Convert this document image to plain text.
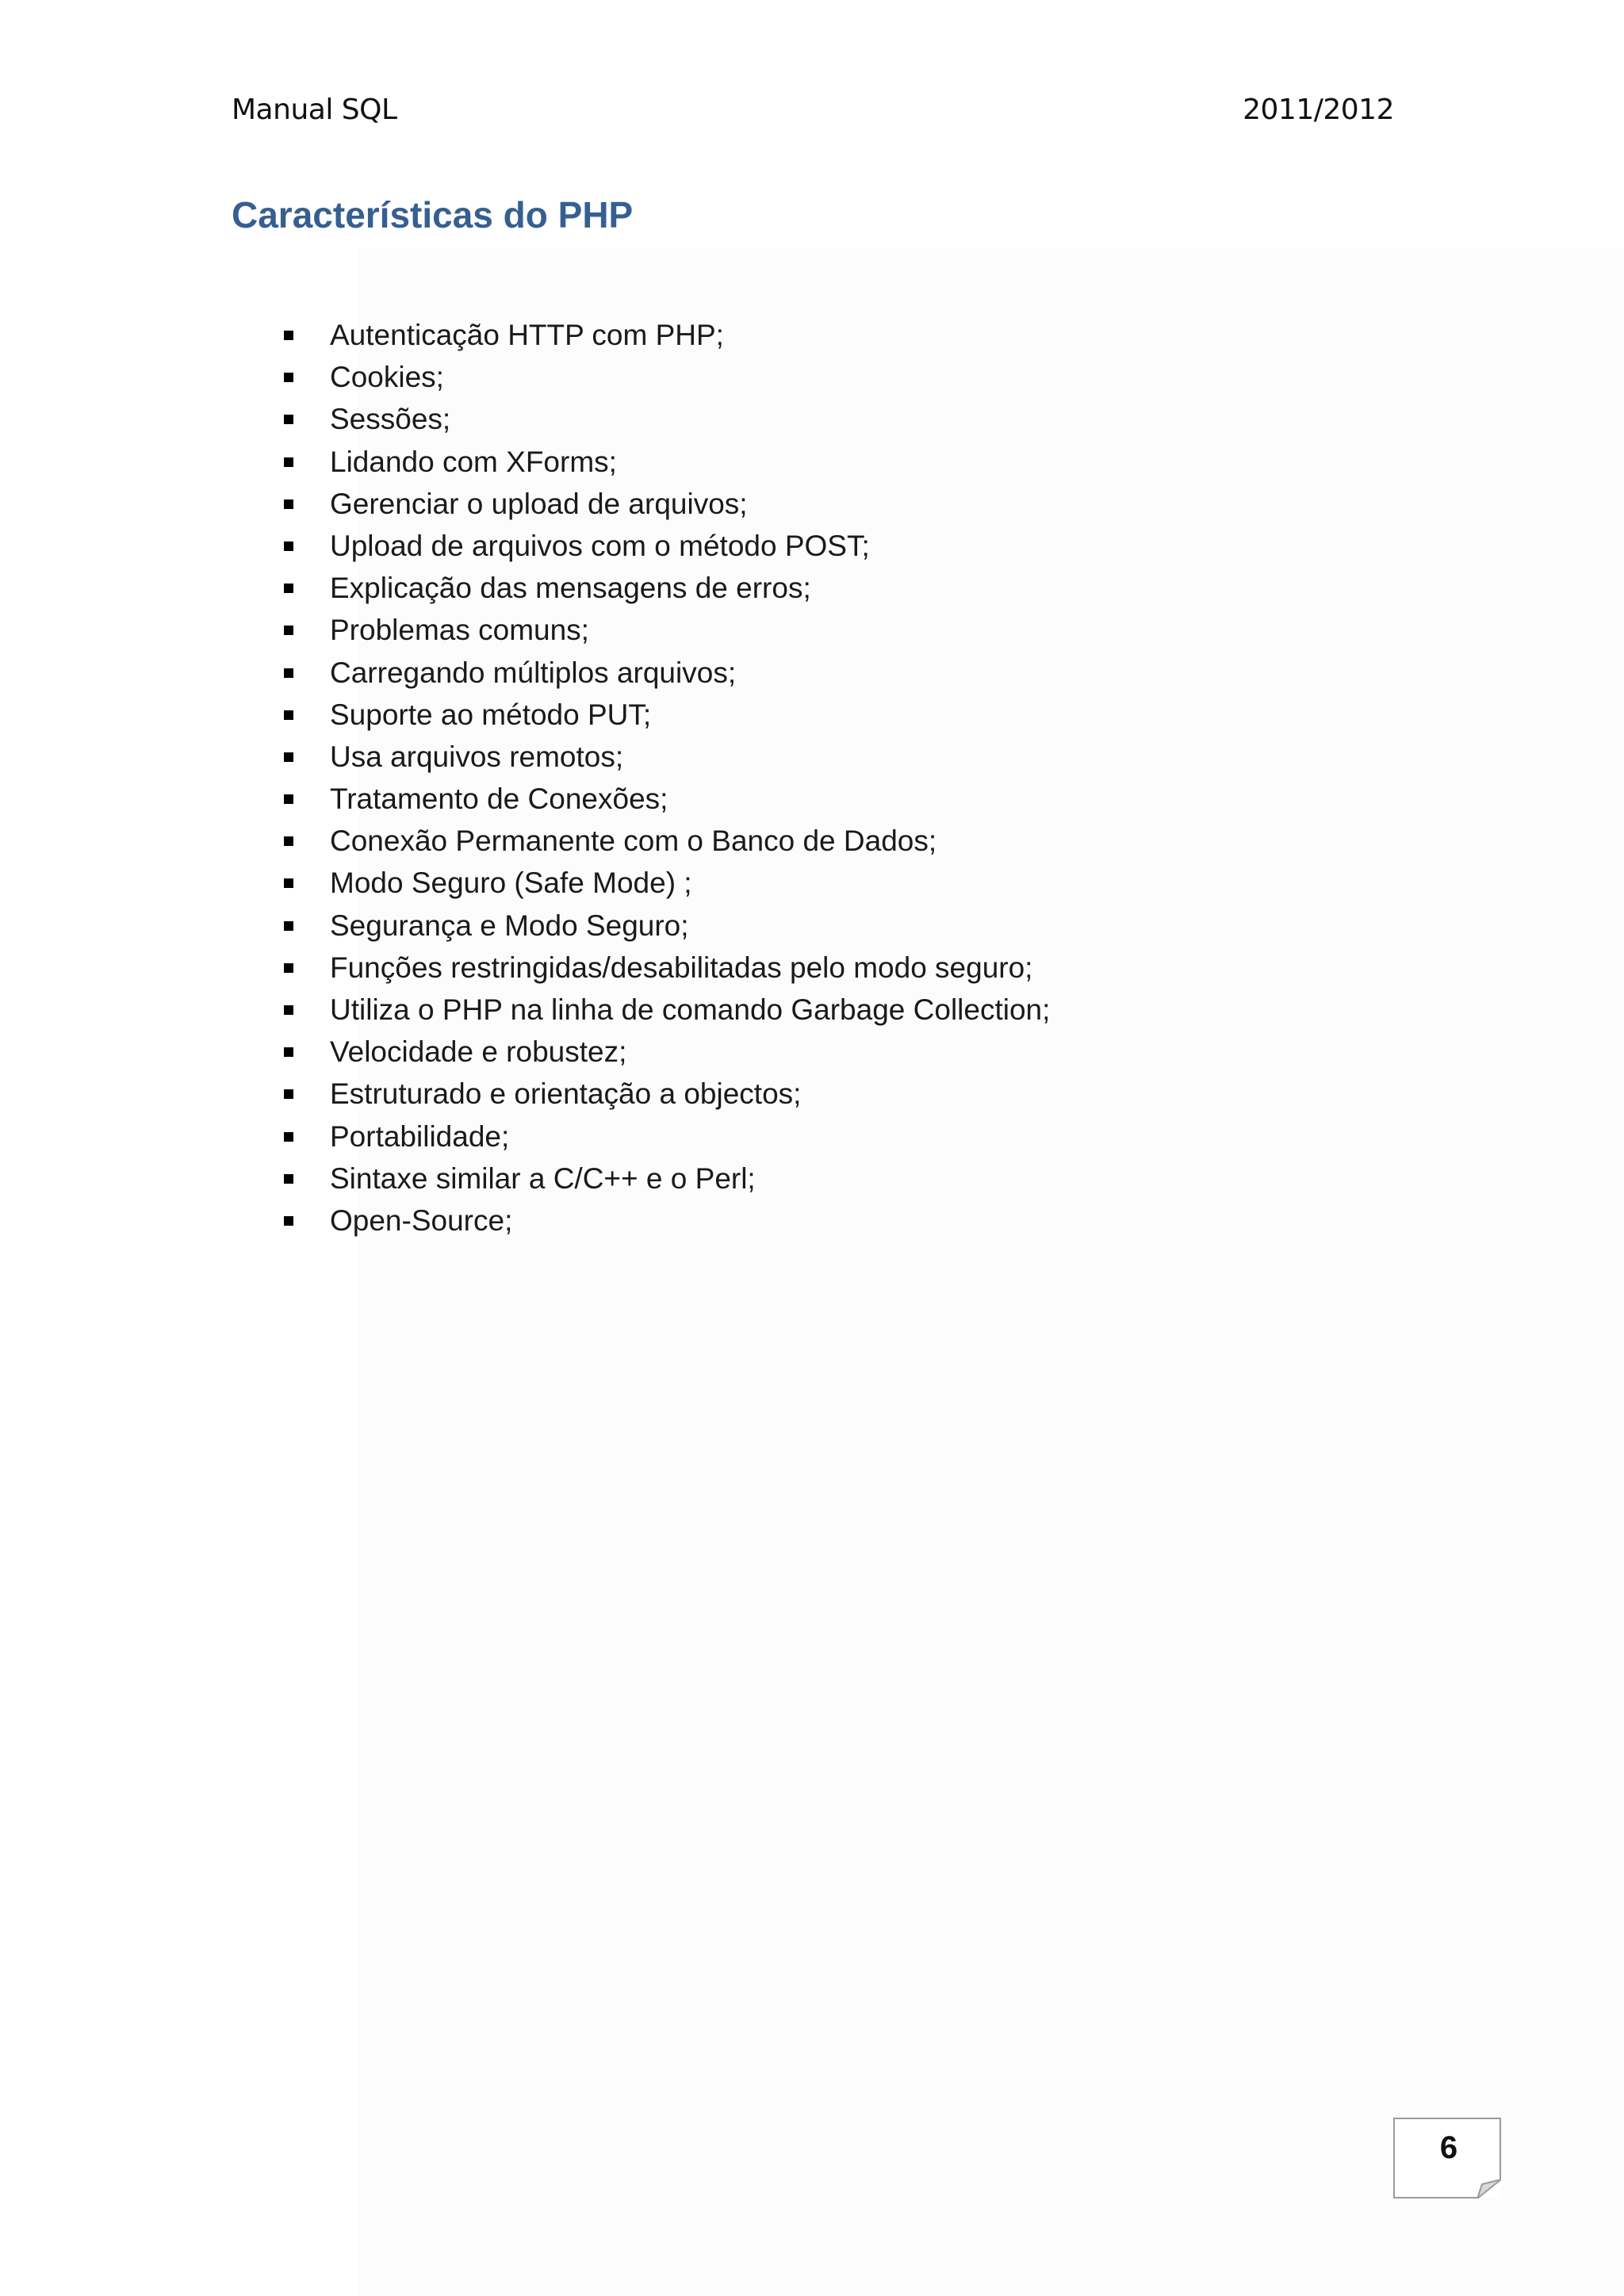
Manual SQL	2011/2012
Características do PHP
Autenticação HTTP com PHP;
Cookies;
Sessões;
Lidando com XForms;
Gerenciar o upload de arquivos;
Upload de arquivos com o método POST;
Explicação das mensagens de erros;
Problemas comuns;
Carregando múltiplos arquivos;
Suporte ao método PUT;
Usa arquivos remotos;
Tratamento de Conexões;
Conexão Permanente com o Banco de Dados;
Modo Seguro (Safe Mode) ;
Segurança e Modo Seguro;
Funções restringidas/desabilitadas pelo modo seguro;
Utiliza o PHP na linha de comando Garbage Collection;
Velocidade e robustez;
Estruturado e orientação a objectos;
Portabilidade;
Sintaxe similar a C/C++ e o Perl;
Open-Source;
6
